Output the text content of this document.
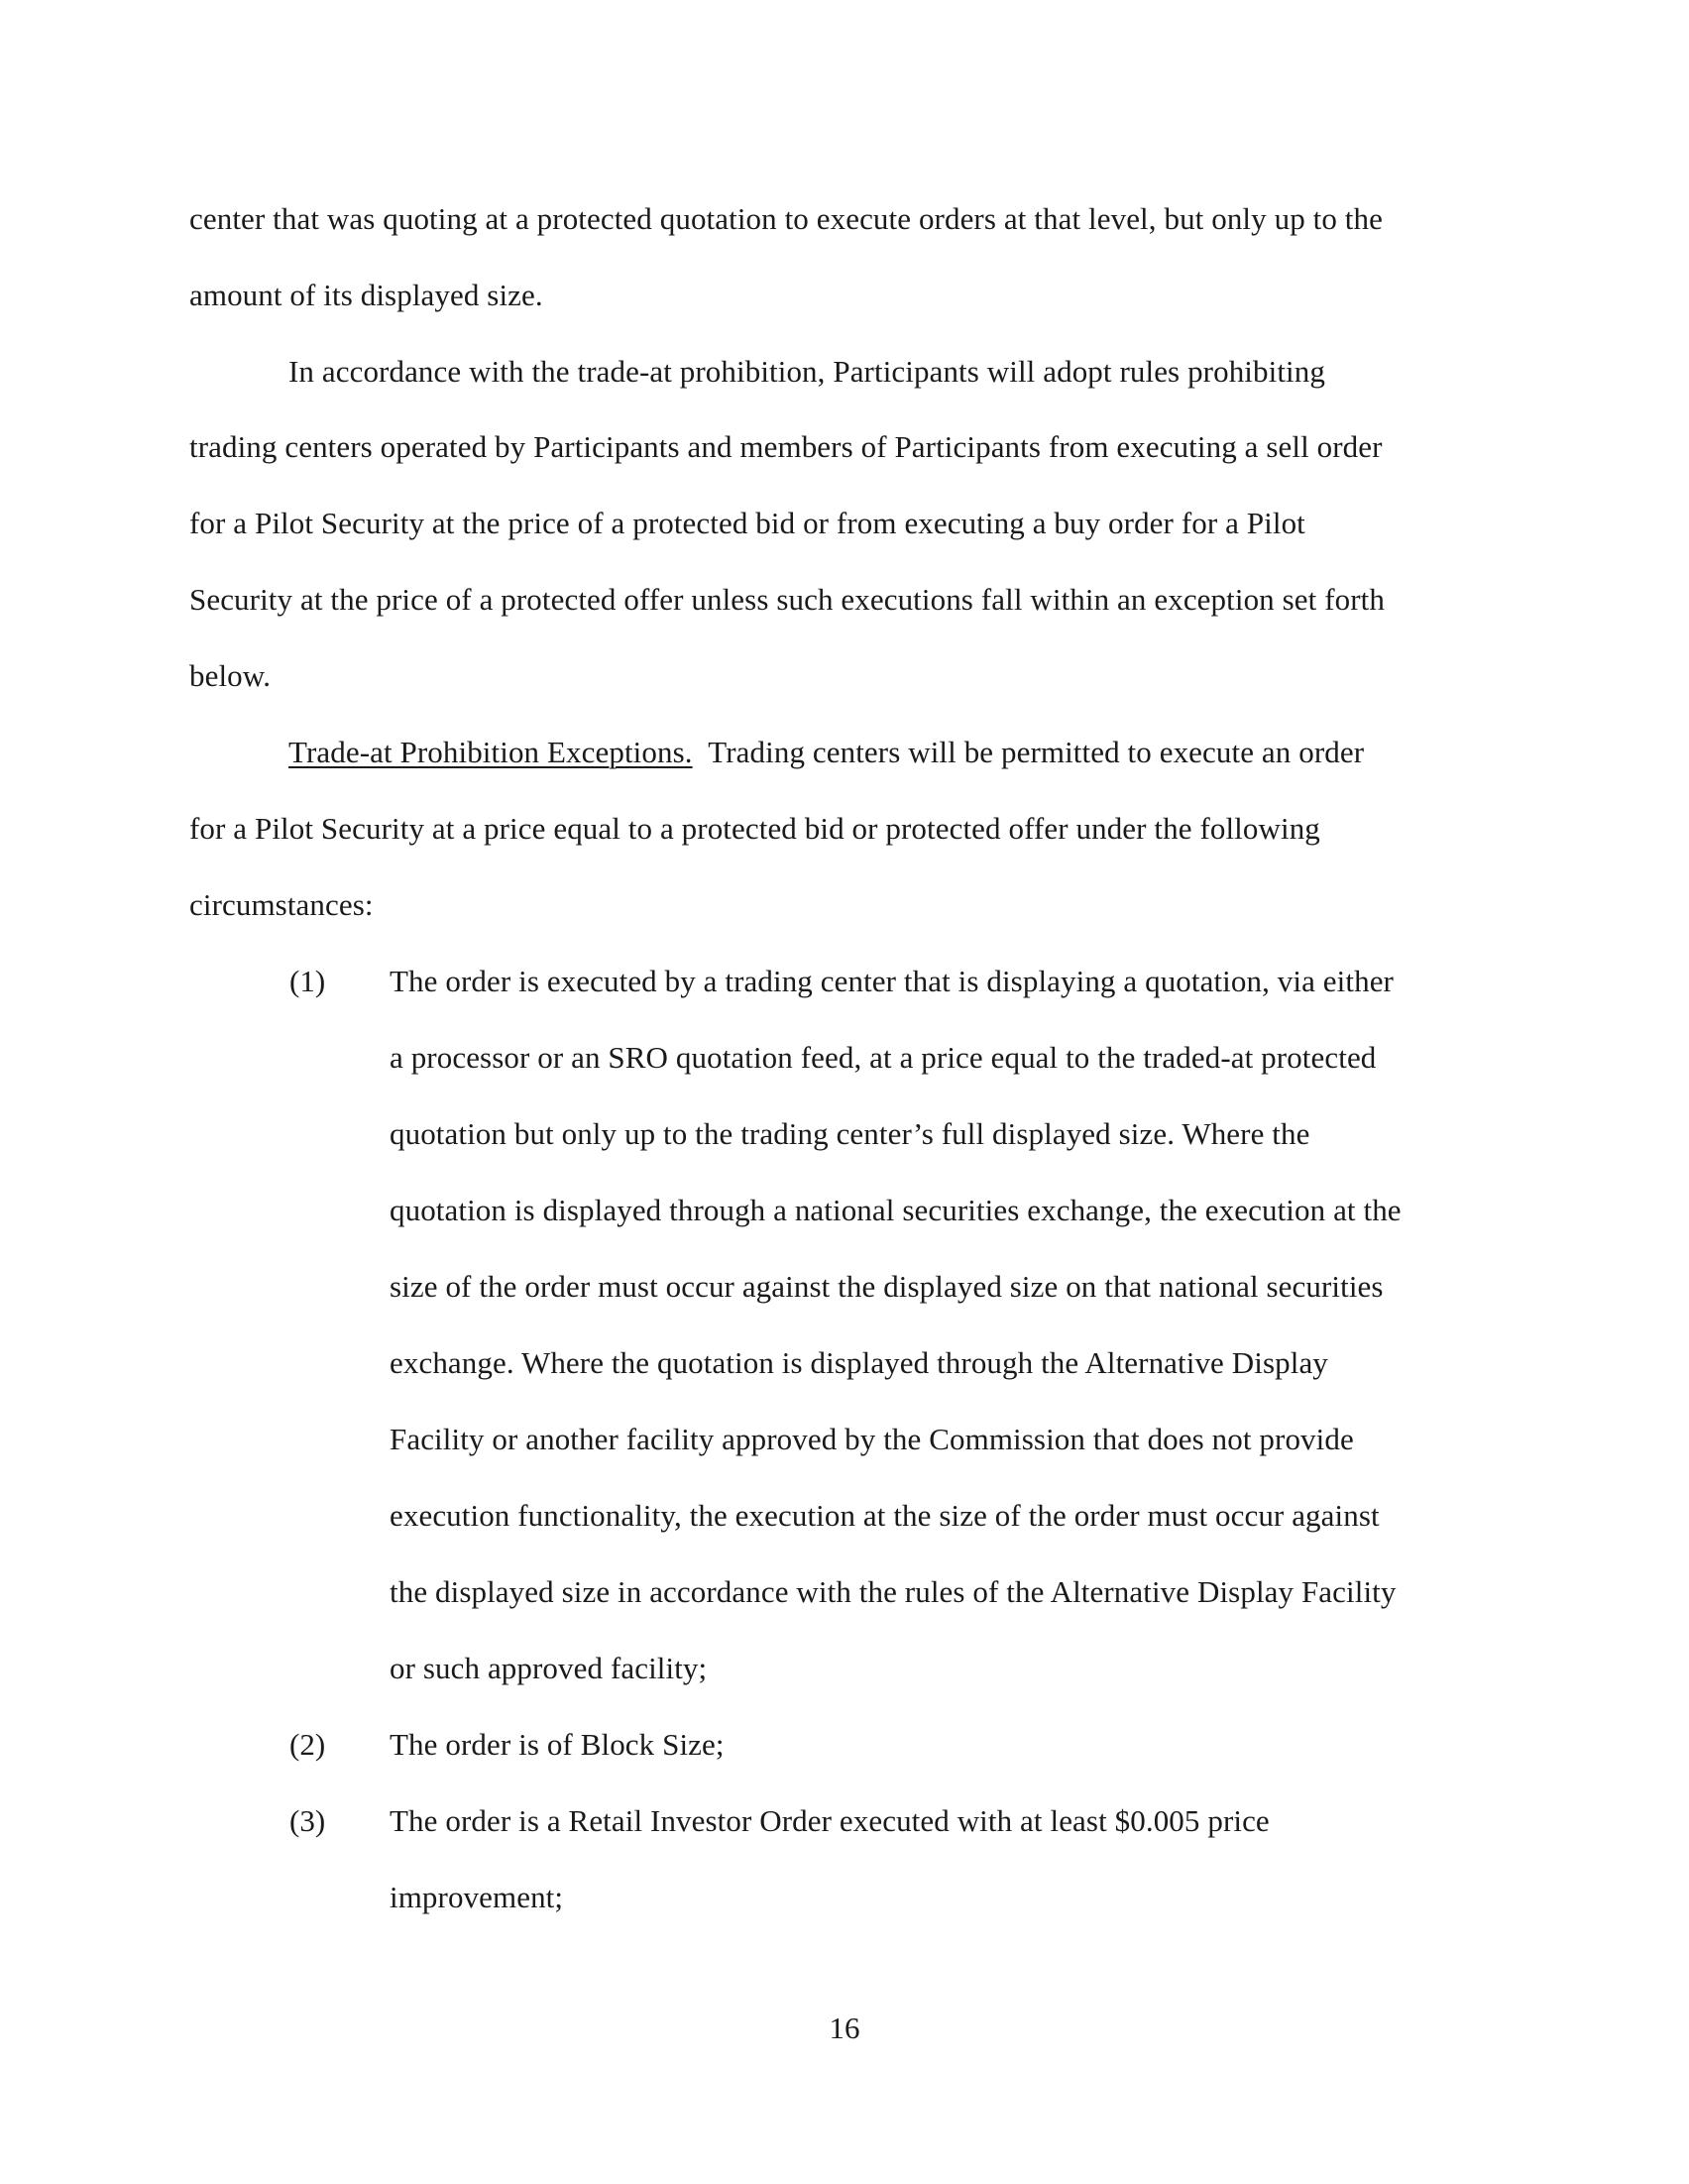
center that was quoting at a protected quotation to execute orders at that level, but only up to the
amount of its displayed size.
In accordance with the trade-at prohibition, Participants will adopt rules prohibiting
trading centers operated by Participants and members of Participants from executing a sell order
for a Pilot Security at the price of a protected bid or from executing a buy order for a Pilot
Security at the price of a protected offer unless such executions fall within an exception set forth
below.
Trade-at Prohibition Exceptions. Trading centers will be permitted to execute an order
for a Pilot Security at a price equal to a protected bid or protected offer under the following
circumstances:
(1) The order is executed by a trading center that is displaying a quotation, via either
a processor or an SRO quotation feed, at a price equal to the traded-at protected
quotation but only up to the trading center’s full displayed size. Where the
quotation is displayed through a national securities exchange, the execution at the
size of the order must occur against the displayed size on that national securities
exchange. Where the quotation is displayed through the Alternative Display
Facility or another facility approved by the Commission that does not provide
execution functionality, the execution at the size of the order must occur against
the displayed size in accordance with the rules of the Alternative Display Facility
or such approved facility;
(2) The order is of Block Size;
(3) The order is a Retail Investor Order executed with at least $0.005 price
improvement;
16
